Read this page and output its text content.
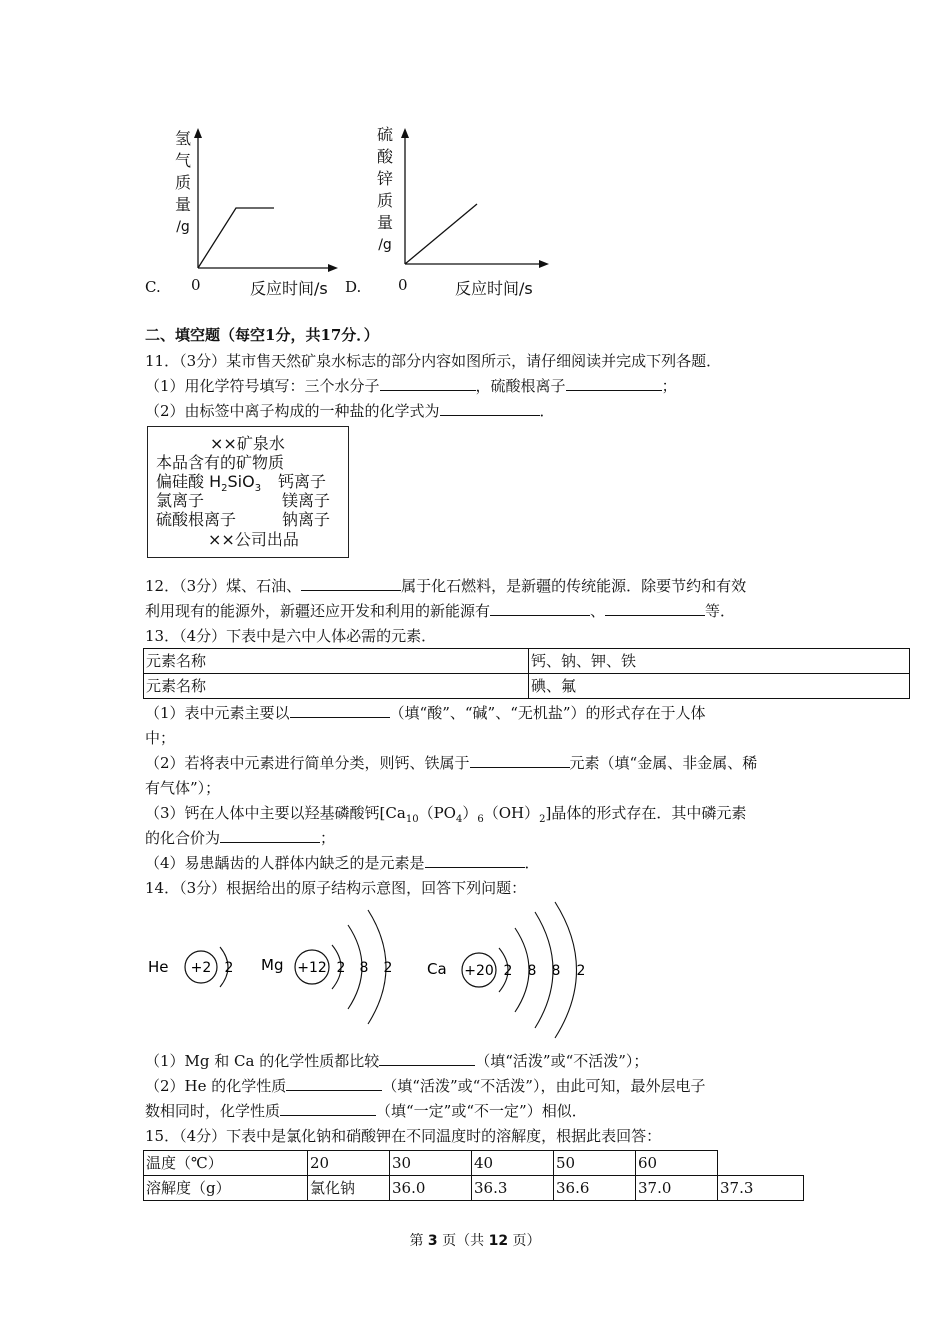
氢
气
质
量
/g
C. 0	反应时间/s
硫
酸
锌
质
量
/g
D. 0	反应时间/s
二、填空题（每空1分，共17分．）
11．（3分）某市售天然矿泉水标志的部分内容如图所示，请仔细阅读并完成下列各题．
（1）用化学符号填写：三个水分子	，硫酸根离子	；
（2）由标签中离子构成的一种盐的化学式为	．
××矿泉水
本品含有的矿物质
偏硅酸 $H_2SiO_3$ 钙离子
氯离子	镁离子
硫酸根离子	钠离子
××公司出品
12．（3分）煤、石油、	属于化石燃料，是新疆的传统能源．除要节约和有效
利用现有的能源外，新疆还应开发和利用的新能源有	、	等．
13．（4分）下表中是六中人体必需的元素．
元素名称	钙、钠、钾、铁
元素名称	碘、氟
（1）表中元素主要以	（填“酸”、“碱”、“无机盐”）的形式存在于人体
中；
（2）若将表中元素进行简单分类，则钙、铁属于	元素（填“金属、非金属、稀
有气体”）；
（3）钙在人体中主要以羟基磷酸钙$[Ca_{10}(PO_4)_6(OH)_2]$晶体的形式存在．其中磷元素
的化合价为	；
（4）易患龋齿的人群体内缺乏的是元素是	．
14．（3分）根据给出的原子结构示意图，回答下列问题：
He +2 2 Mg +12 2 8 2 Ca +20 2 8 8 2
（1）Mg 和 Ca 的化学性质都比较	（填“活泼”或“不活泼”）；
（2）He 的化学性质	（填“活泼”或“不活泼”），由此可知，最外层电子
数相同时，化学性质	（填“一定”或“不一定”）相似．
15．（4分）下表中是氯化钠和硝酸钾在不同温度时的溶解度，根据此表回答：
温度（℃）	20	30	40	50	60
溶解度（g）	氯化钠	36.0	36.3	36.6	37.0	37.3
第 3 页（共 12 页）
